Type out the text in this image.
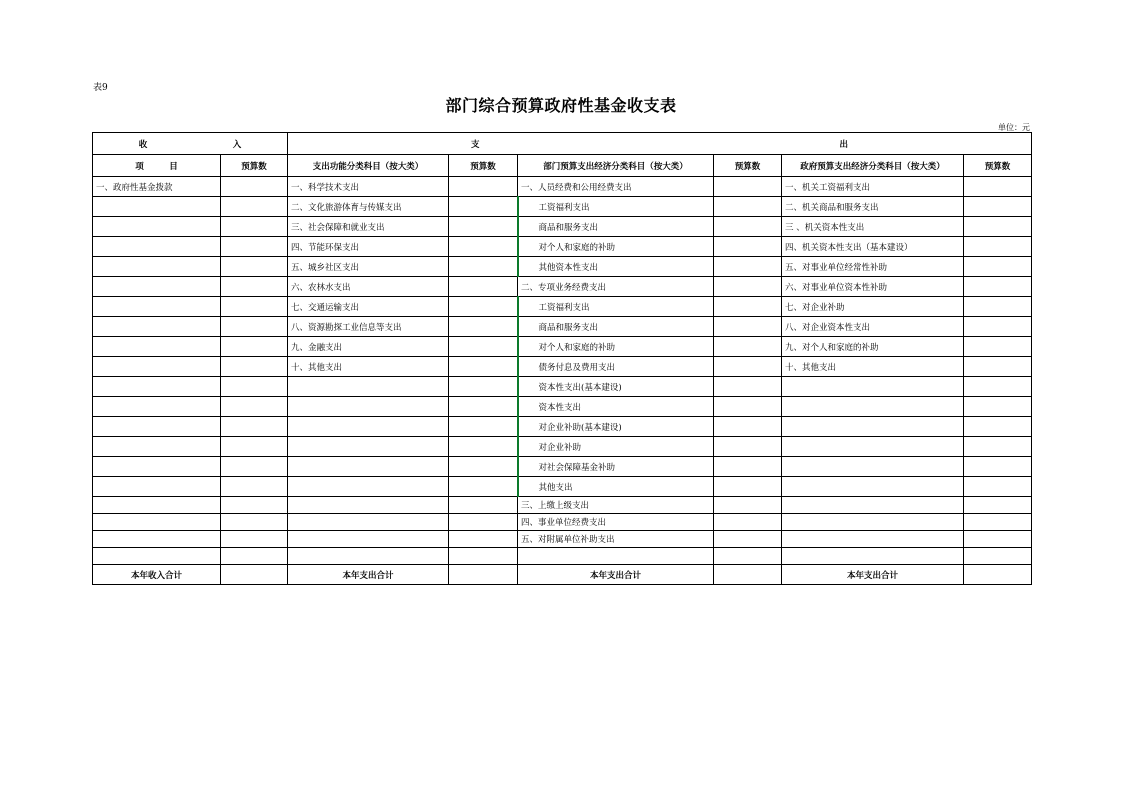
表9
部门综合预算政府性基金收支表
单位：元
收 入		支 出					

项　　　目	预算数	支出功能分类科目（按大类）	预算数	部门预算支出经济分类科目（按大类）	预算数	政府预算支出经济分类科目（按大类）	预算数
一、政府性基金拨款		一、科学技术支出		一、人员经费和公用经费支出		一、机关工资福利支出	
		二、文化旅游体育与传媒支出		工资福利支出		二、机关商品和服务支出	
		三、社会保障和就业支出		商品和服务支出		三 、机关资本性支出	
		四、节能环保支出		对个人和家庭的补助		四、机关资本性支出（基本建设）	
		五、城乡社区支出		其他资本性支出		五、对事业单位经常性补助	
		六、农林水支出		二、专项业务经费支出		六、对事业单位资本性补助	
		七、交通运输支出		工资福利支出		七、对企业补助	
		八、资源勘探工业信息等支出		商品和服务支出		八、对企业资本性支出	
		九、金融支出		对个人和家庭的补助		九、对个人和家庭的补助	
		十、其他支出		债务付息及费用支出		十、其他支出	
				资本性支出(基本建设)			
				资本性支出			
				对企业补助(基本建设)			
				对企业补助			
				对社会保障基金补助			
				其他支出			
				三、上缴上级支出			
				四、事业单位经费支出			
				五、对附属单位补助支出			

本年收入合计		本年支出合计		本年支出合计		本年支出合计	
